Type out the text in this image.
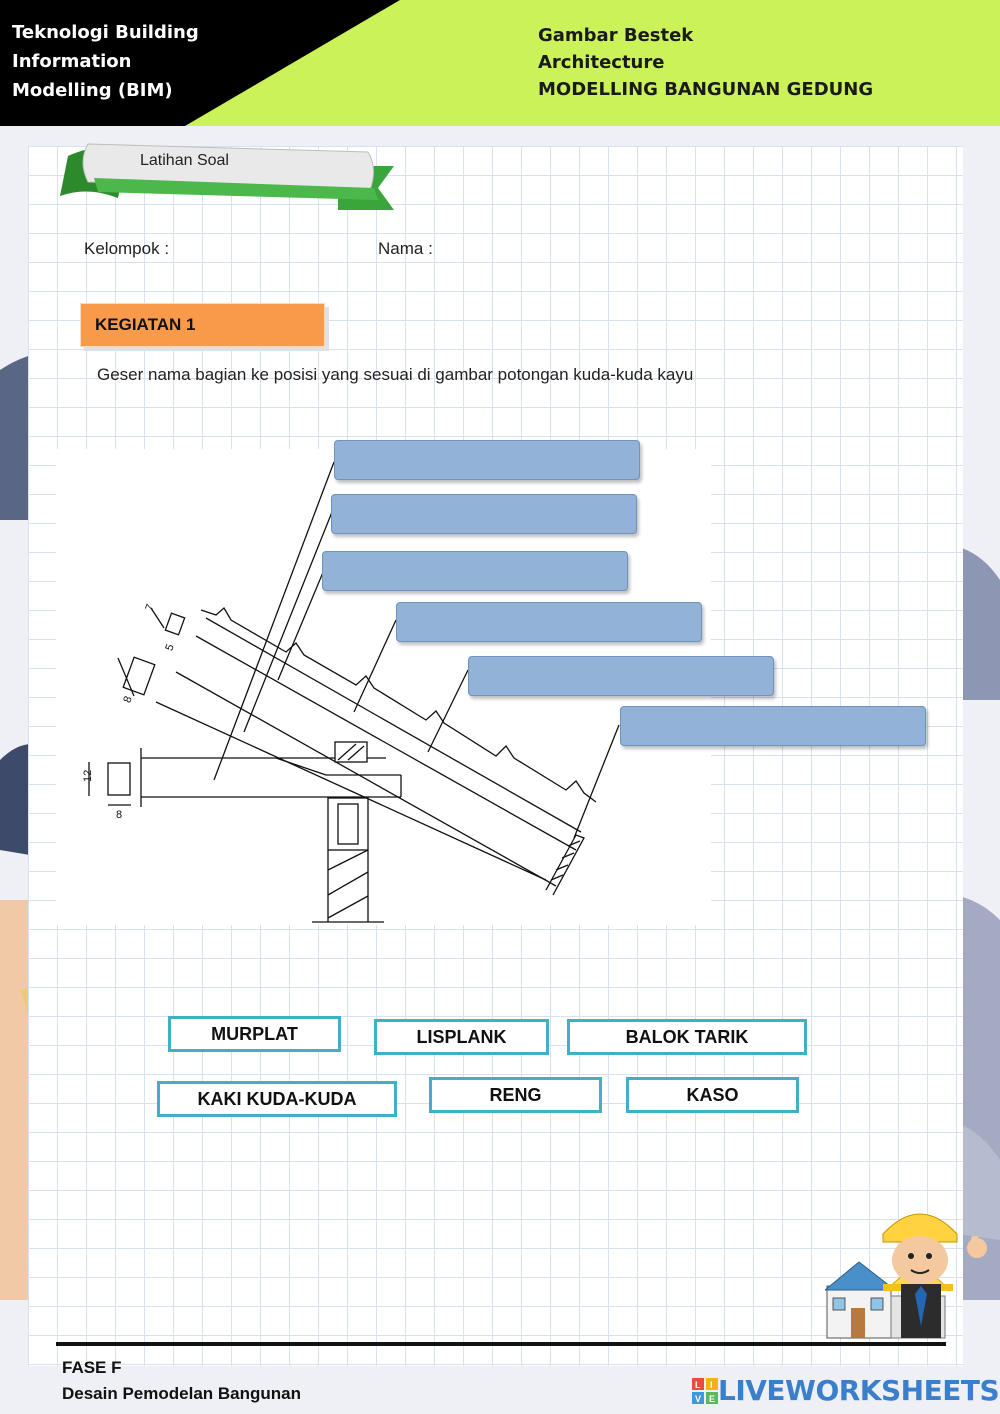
Teknologi Building
Information
Modelling (BIM)
Gambar Bestek
Architecture
MODELLING BANGUNAN GEDUNG
Latihan Soal
Kelompok :	Nama :
KEGIATAN 1
Geser nama bagian ke posisi yang sesuai di gambar potongan kuda-kuda kayu
7
5
8
12
8
MURPLAT	LISPLANK	BALOK TARIK
KAKI KUDA-KUDA	RENG	KASO
FASE F
Desain Pemodelan Bangunan	L I
V E LIVEWORKSHEETS
